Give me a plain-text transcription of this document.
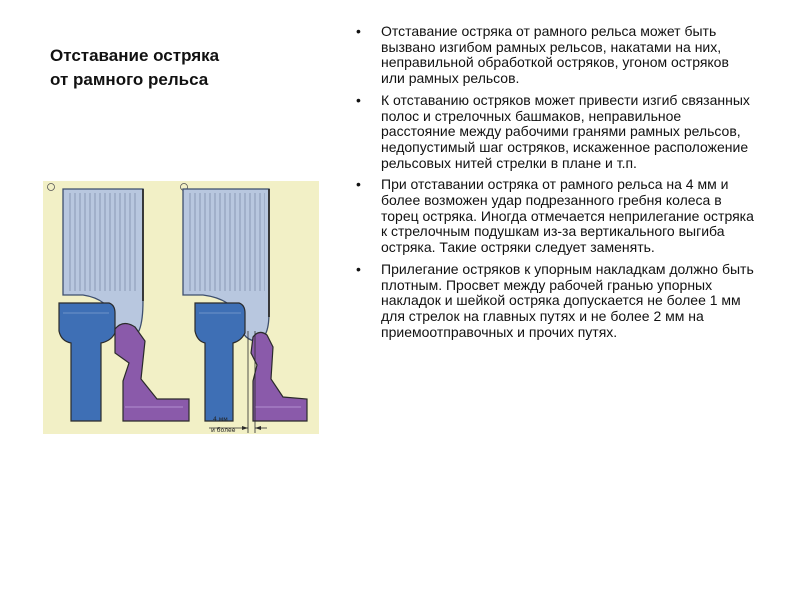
Отставание остряка
от рамного рельса
4 мм
и более
• Отставание остряка от рамного рельса может быть вызвано изгибом рамных рельсов, накатами на них, неправильной обработкой остряков, угоном остряков или рамных рельсов.
• К отставанию остряков может привести изгиб связанных полос и стрелочных башмаков, неправильное расстояние между рабочими гранями рамных рельсов, недопустимый шаг остряков, искаженное расположение рельсовых нитей стрелки в плане и т.п.
• При отставании остряка от рамного рельса на 4 мм и более возможен удар подрезанного гребня колеса в торец остряка. Иногда отмечается неприлегание остряка к стрелочным подушкам из-за вертикального выгиба остряка. Такие остряки следует заменять.
• Прилегание остряков к упорным накладкам должно быть плотным. Просвет между рабочей гранью упорных накладок и шейкой остряка допускается не более 1 мм для стрелок на главных путях и не более 2 мм на приемоотправочных и прочих путях.
